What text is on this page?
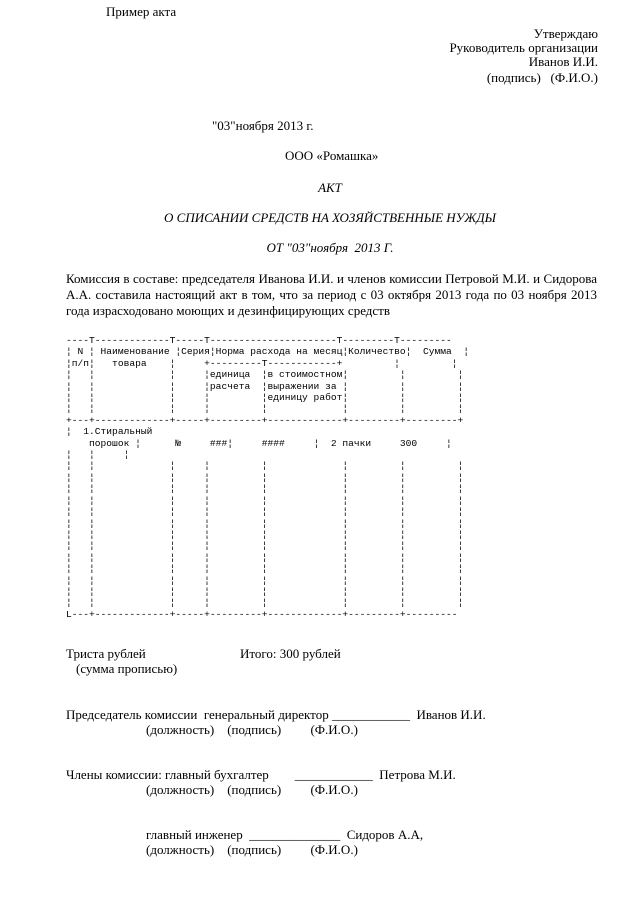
Пример акта
Утверждаю
Руководитель организации
Иванов И.И.
(подпись)   (Ф.И.О.)
"03"ноября 2013 г.
ООО «Ромашка»
АКТ
О СПИСАНИИ СРЕДСТВ НА ХОЗЯЙСТВЕННЫЕ НУЖДЫ
ОТ "03"ноября  2013 Г.
Комиссия в составе: председателя Иванова И.И. и членов комиссии Петровой М.И. и Сидорова А.А. составила настоящий акт в том, что за период с 03 октября 2013 года по 03 ноября 2013 года израсходовано моющих и дезинфицирующих средств
----T-------------T-----T----------------------T---------T---------
¦ N ¦ Наименование ¦Серия¦Норма расхода на месяц¦Количество¦  Сумма  ¦
¦п/п¦   товара    ¦     +---------T------------+         ¦         ¦
¦   ¦             ¦     ¦единица  ¦в стоимостном¦         ¦         ¦
¦   ¦             ¦     ¦расчета  ¦выражении за ¦         ¦         ¦
¦   ¦             ¦     ¦         ¦единицу работ¦         ¦         ¦
¦   ¦             ¦     ¦         ¦             ¦         ¦         ¦
+---+-------------+-----+---------+-------------+---------+---------+
¦  1.Стиральный
порошок ¦      №     ###¦     ####     ¦  2 пачки     300     ¦
¦   ¦     ¦
¦   ¦             ¦     ¦         ¦             ¦         ¦         ¦
¦   ¦             ¦     ¦         ¦             ¦         ¦         ¦
¦   ¦             ¦     ¦         ¦             ¦         ¦         ¦
¦   ¦             ¦     ¦         ¦             ¦         ¦         ¦
¦   ¦             ¦     ¦         ¦             ¦         ¦         ¦
¦   ¦             ¦     ¦         ¦             ¦         ¦         ¦
¦   ¦             ¦     ¦         ¦             ¦         ¦         ¦
¦   ¦             ¦     ¦         ¦             ¦         ¦         ¦
¦   ¦             ¦     ¦         ¦             ¦         ¦         ¦
¦   ¦             ¦     ¦         ¦             ¦         ¦         ¦
¦   ¦             ¦     ¦         ¦             ¦         ¦         ¦
¦   ¦             ¦     ¦         ¦             ¦         ¦         ¦
¦   ¦             ¦     ¦         ¦             ¦         ¦         ¦
L---+-------------+-----+---------+-------------+---------+---------

Триста рублей
(сумма прописью)
Итого: 300 рублей
Председатель комиссии  генеральный директор ____________  Иванов И.И.
(должность)    (подпись)         (Ф.И.О.)
Члены комиссии: главный бухгалтер        ____________  Петрова М.И.
(должность)    (подпись)         (Ф.И.О.)
главный инженер  ______________  Сидоров А.А,
(должность)    (подпись)         (Ф.И.О.)
